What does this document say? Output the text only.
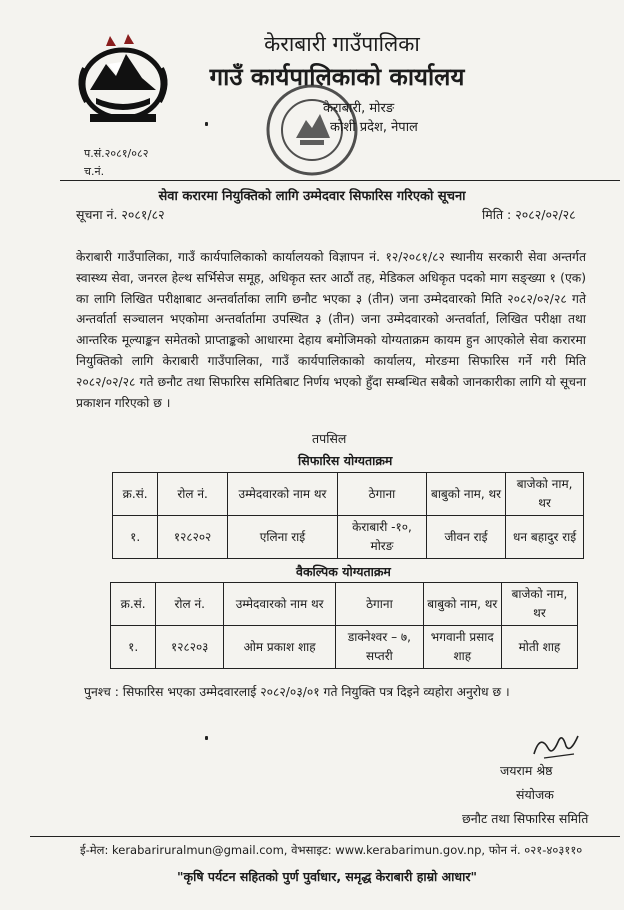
केराबारी गाउँपालिका
गाउँ कार्यपालिकाको कार्यालय
केराबारी, मोरङ
कोशी प्रदेश, नेपाल
प.सं.२०८१/०८२
च.नं.
सेवा करारमा नियुक्तिको लागि उम्मेदवार सिफारिस गरिएको सूचना
सूचना नं. २०८१/८२	मिति : २०८२/०२/२८
केराबारी गाउँपालिका, गाउँ कार्यपालिकाको कार्यालयको विज्ञापन नं. १२/२०८१/८२ स्थानीय सरकारी सेवा अन्तर्गत स्वास्थ्य सेवा, जनरल हेल्थ सर्भिसेज समूह, अधिकृत स्तर आठौं तह, मेडिकल अधिकृत पदको माग सङ्ख्या १ (एक) का लागि लिखित परीक्षाबाट अन्तर्वार्ताका लागि छनौट भएका ३ (तीन) जना उम्मेदवारको मिति २०८२/०२/२८ गते अन्तर्वार्ता सञ्चालन भएकोमा अन्तर्वार्तामा उपस्थित ३ (तीन) जना उम्मेदवारको अन्तर्वार्ता, लिखित परीक्षा तथा आन्तरिक मूल्याङ्कन समेतको प्राप्ताङ्कको आधारमा देहाय बमोजिमको योग्यताक्रम कायम हुन आएकोले सेवा करारमा नियुक्तिको लागि केराबारी गाउँपालिका, गाउँ कार्यपालिकाको कार्यालय, मोरङमा सिफारिस गर्ने गरी मिति २०८२/०२/२८ गते छनौट तथा सिफारिस समितिबाट निर्णय भएको हुँदा सम्बन्धित सबैको जानकारीका लागि यो सूचना प्रकाशन गरिएको छ ।
तपसिल
सिफारिस योग्यताक्रम
क्र.सं.	रोल नं.	उम्मेदवारको नाम थर	ठेगाना	बाबुको नाम, थर	बाजेको नाम, थर
१.	१२८२०२	एलिना राई	केराबारी -१०, मोरङ	जीवन राई	धन बहादुर राई
वैकल्पिक योग्यताक्रम
क्र.सं.	रोल नं.	उम्मेदवारको नाम थर	ठेगाना	बाबुको नाम, थर	बाजेको नाम, थर
१.	१२८२०३	ओम प्रकाश शाह	डाक्नेश्वर – ७, सप्तरी	भगवानी प्रसाद शाह	मोती शाह
पुनश्च : सिफारिस भएका उम्मेदवारलाई २०८२/०३/०१ गते नियुक्ति पत्र दिइने व्यहोरा अनुरोध छ ।
जयराम श्रेष्ठ
संयोजक
छनौट तथा सिफारिस समिति
ई-मेल: kerabariruralmun@gmail.com, वेभसाइट: www.kerabarimun.gov.np, फोन नं. ०२१-४०३११०
"कृषि पर्यटन सहितको पुर्ण पुर्वाधार, समृद्ध केराबारी हाम्रो आधार"
